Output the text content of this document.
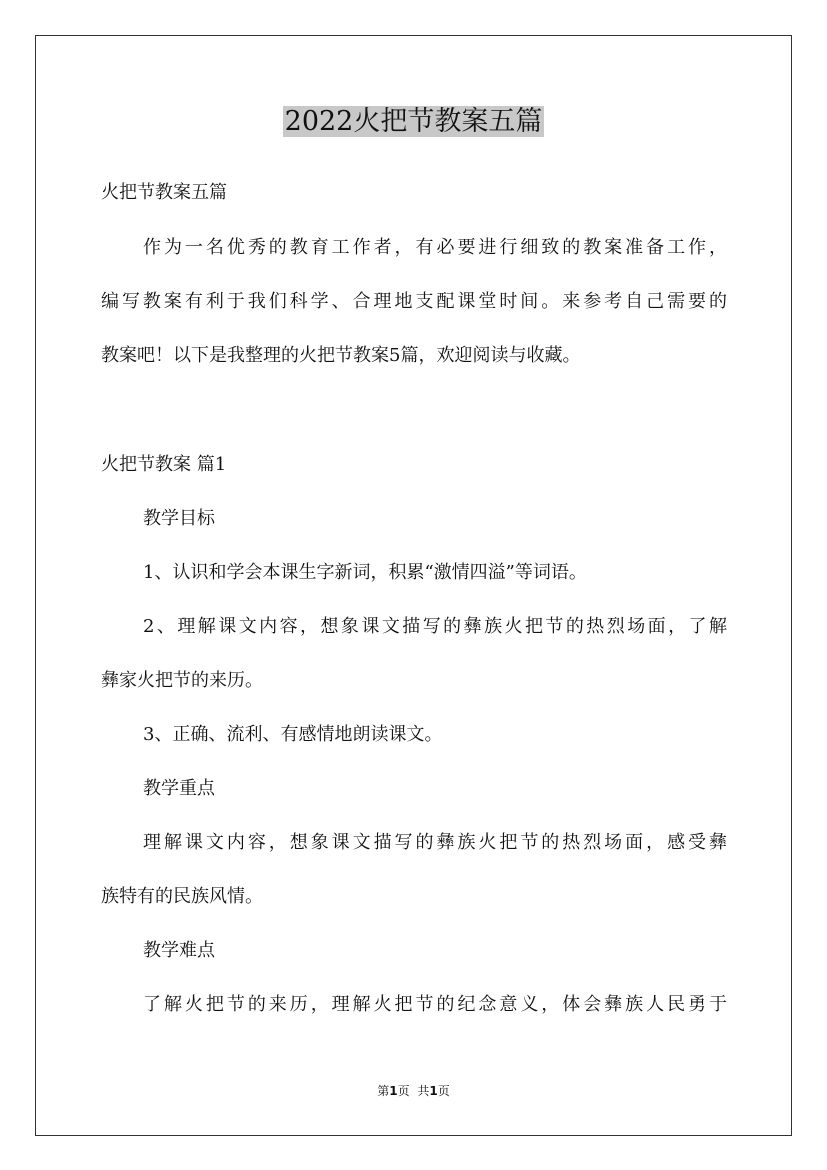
2022火把节教案五篇
火把节教案五篇
作为一名优秀的教育工作者，有必要进行细致的教案准备工作，
编写教案有利于我们科学、合理地支配课堂时间。来参考自己需要的
教案吧！以下是我整理的火把节教案5篇，欢迎阅读与收藏。
火把节教案 篇1
教学目标
1、认识和学会本课生字新词，积累“激情四溢”等词语。
2、理解课文内容，想象课文描写的彝族火把节的热烈场面，了解
彝家火把节的来历。
3、正确、流利、有感情地朗读课文。
教学重点
理解课文内容，想象课文描写的彝族火把节的热烈场面，感受彝
族特有的民族风情。
教学难点
了解火把节的来历，理解火把节的纪念意义，体会彝族人民勇于
第1页 共1页
